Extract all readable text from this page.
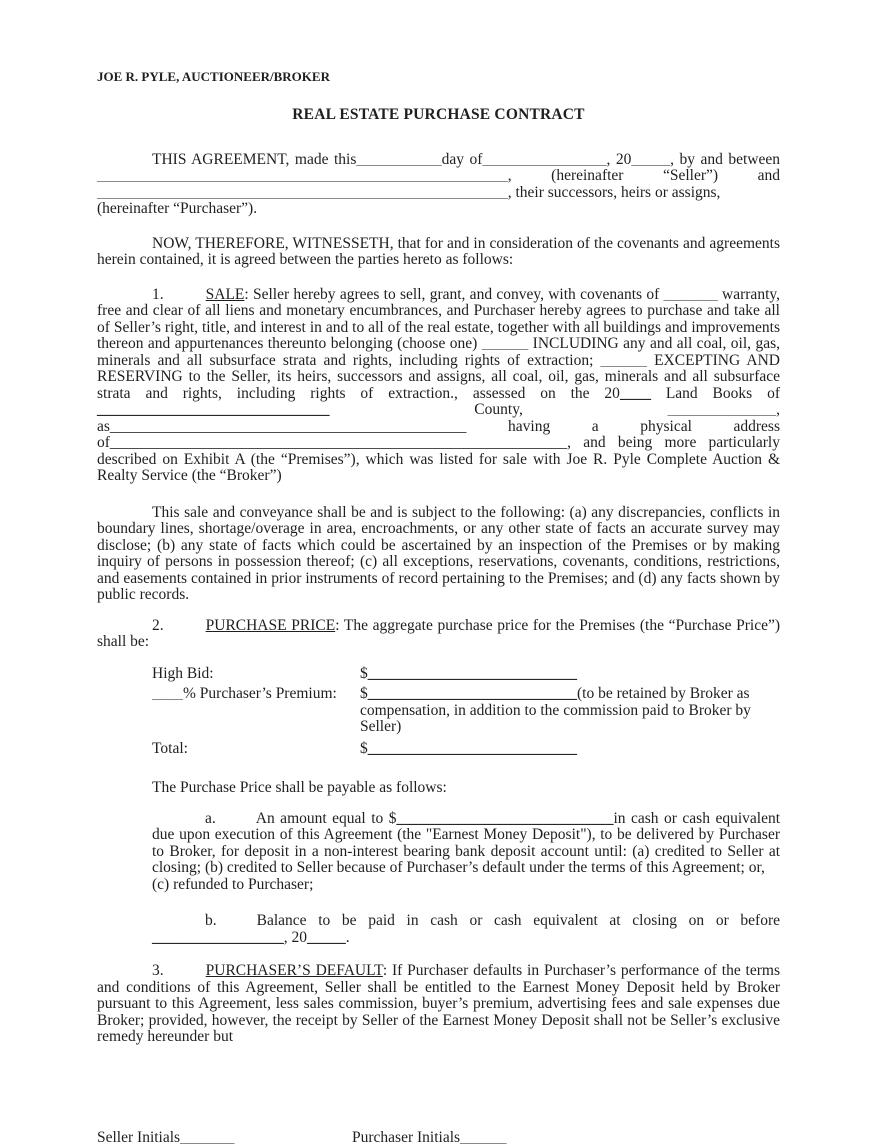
JOE R. PYLE, AUCTIONEER/BROKER
REAL ESTATE PURCHASE CONTRACT
THIS AGREEMENT, made this___________day of________________, 20_____, by and between _____________________________________________________, (hereinafter “Seller”) and _____________________________________________________, their successors, heirs or assigns,
(hereinafter “Purchaser”).
NOW, THEREFORE, WITNESSETH, that for and in consideration of the covenants and agreements herein contained, it is agreed between the parties hereto as follows:
1.	SALE: Seller hereby agrees to sell, grant, and convey, with covenants of _______ warranty, free and clear of all liens and monetary encumbrances, and Purchaser hereby agrees to purchase and take all of Seller’s right, title, and interest in and to all of the real estate, together with all buildings and improvements thereon and appurtenances thereunto belonging (choose one) ______ INCLUDING any and all coal, oil, gas, minerals and all subsurface strata and rights, including rights of extraction; ______ EXCEPTING AND RESERVING to the Seller, its heirs, successors and assigns, all coal, oil, gas, minerals and all subsurface strata and rights, including rights of extraction., assessed on the 20____ Land Books of ______________________________ County, ______________, as______________________________________________ having a physical address of___________________________________________________________, and being more particularly described on Exhibit A (the “Premises”), which was listed for sale with Joe R. Pyle Complete Auction & Realty Service (the “Broker”)
This sale and conveyance shall be and is subject to the following: (a) any discrepancies, conflicts in boundary lines, shortage/overage in area, encroachments, or any other state of facts an accurate survey may disclose; (b) any state of facts which could be ascertained by an inspection of the Premises or by making inquiry of persons in possession thereof; (c) all exceptions, reservations, covenants, conditions, restrictions, and easements contained in prior instruments of record pertaining to the Premises; and (d) any facts shown by public records.
2.	PURCHASE PRICE: The aggregate purchase price for the Premises (the “Purchase Price”) shall be:
High Bid:	$___________________________
____% Purchaser’s Premium:	$___________________________(to be retained by Broker as compensation, in addition to the commission paid to Broker by Seller)
Total:	$___________________________
The Purchase Price shall be payable as follows:
a.	An amount equal to $____________________________in cash or cash equivalent due upon execution of this Agreement (the "Earnest Money Deposit"), to be delivered by Purchaser to Broker, for deposit in a non-interest bearing bank deposit account until: (a) credited to Seller at closing; (b) credited to Seller because of Purchaser’s default under the terms of this Agreement; or,
(c) refunded to Purchaser;
b.	Balance to be paid in cash or cash equivalent at closing on or before _________________, 20_____.
3.	PURCHASER’S DEFAULT: If Purchaser defaults in Purchaser’s performance of the terms and conditions of this Agreement, Seller shall be entitled to the Earnest Money Deposit held by Broker pursuant to this Agreement, less sales commission, buyer’s premium, advertising fees and sale expenses due Broker; provided, however, the receipt by Seller of the Earnest Money Deposit shall not be Seller’s exclusive remedy hereunder but
Seller Initials_______	Purchaser Initials______
